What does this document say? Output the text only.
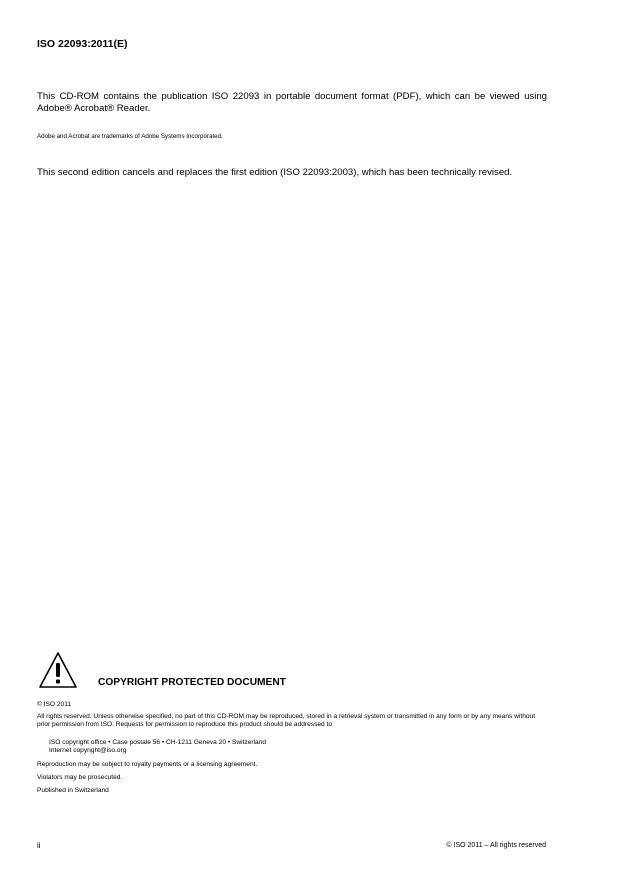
ISO 22093:2011(E)
This CD-ROM contains the publication ISO 22093 in portable document format (PDF), which can be viewed using Adobe® Acrobat® Reader.
Adobe and Acrobat are trademarks of Adobe Systems Incorporated.
This second edition cancels and replaces the first edition (ISO 22093:2003), which has been technically revised.
COPYRIGHT PROTECTED DOCUMENT
© ISO 2011
All rights reserved. Unless otherwise specified, no part of this CD-ROM may be reproduced, stored in a retrieval system or transmitted in any form or by any means without prior permission from ISO. Requests for permission to reproduce this product should be addressed to
ISO copyright office • Case postale 56 • CH-1211 Geneva 20 • Switzerland
Internet copyright@iso.org
Reproduction may be subject to royalty payments or a licensing agreement.
Violators may be prosecuted.
Published in Switzerland
ii	© ISO 2011 – All rights reserved
